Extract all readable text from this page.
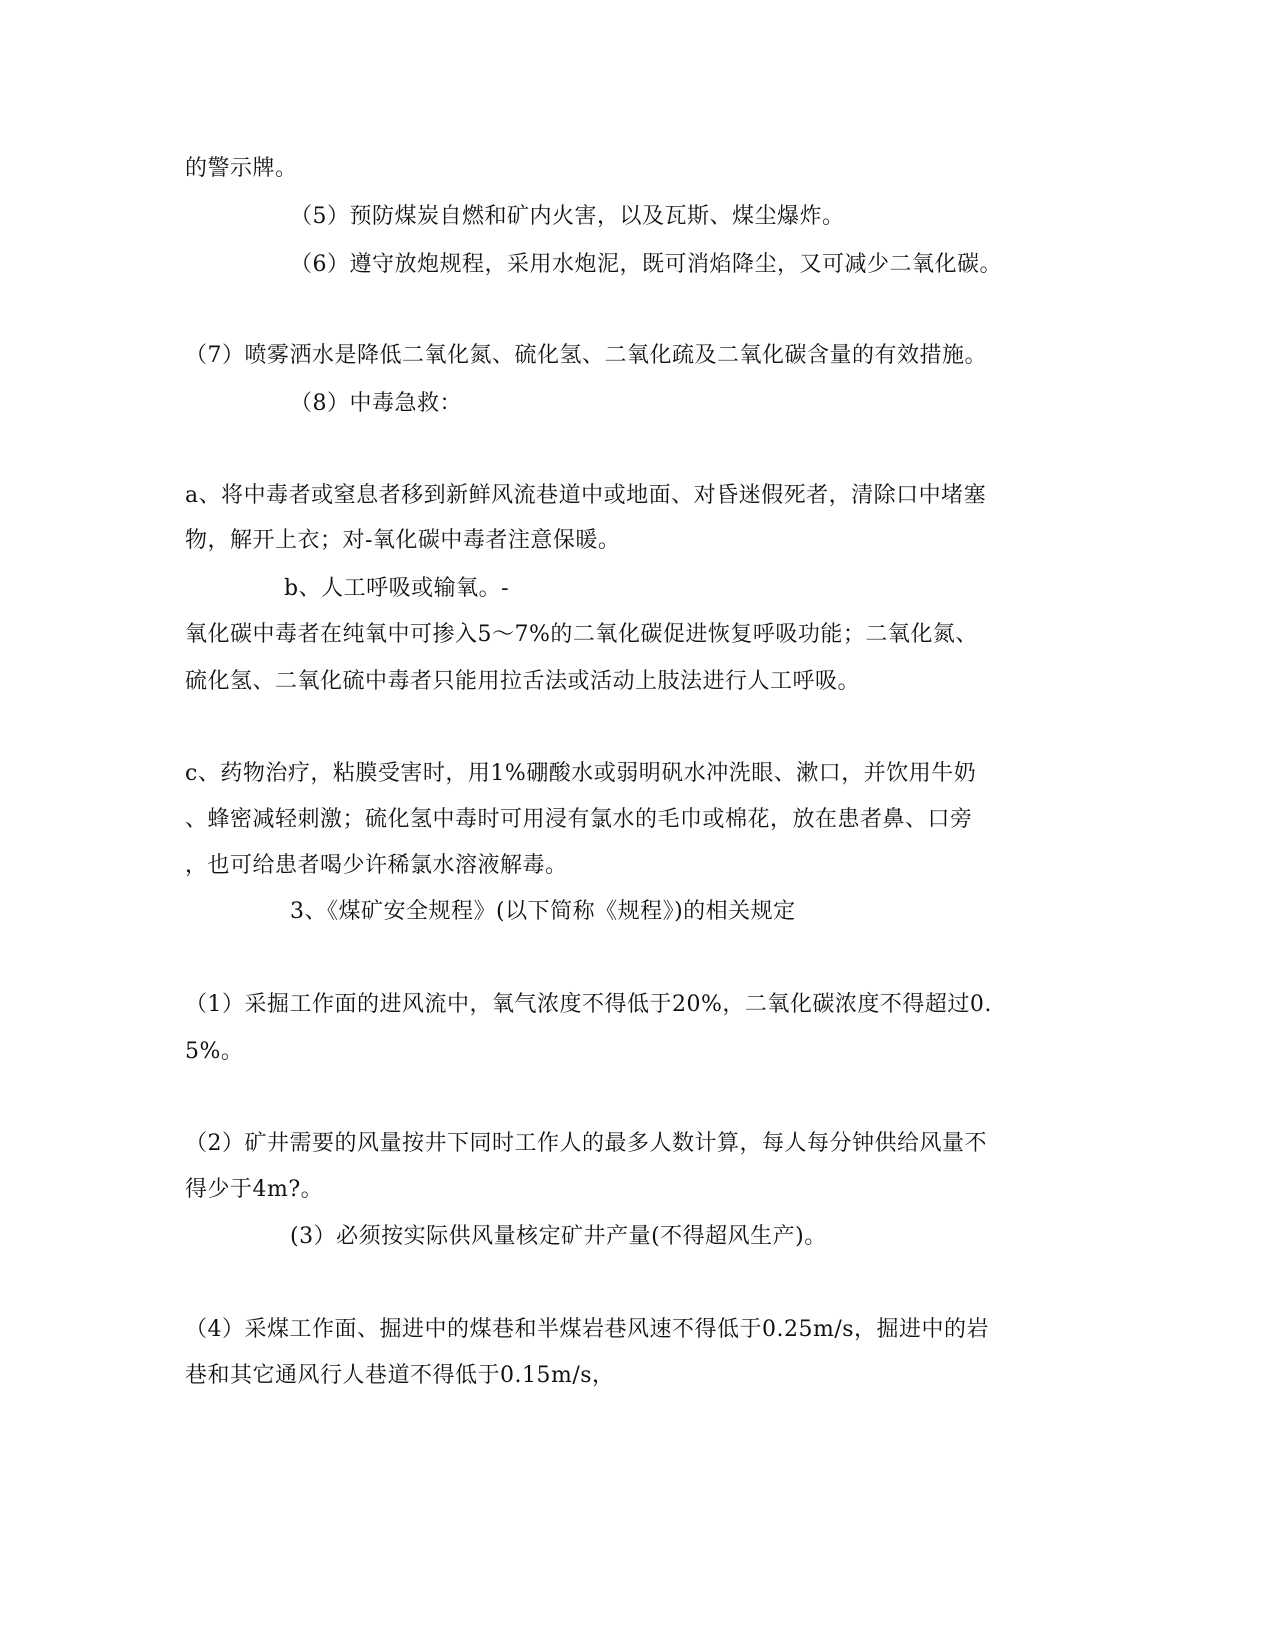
的警示牌。
（5）预防煤炭自燃和矿内火害，以及瓦斯、煤尘爆炸。
（6）遵守放炮规程，采用水炮泥，既可消焰降尘，又可减少二氧化碳。
（7）喷雾洒水是降低二氧化氮、硫化氢、二氧化疏及二氧化碳含量的有效措施。
（8）中毒急救：
a、将中毒者或窒息者移到新鲜风流巷道中或地面、对昏迷假死者，清除口中堵塞
物，解开上衣；对-氧化碳中毒者注意保暖。
b、人工呼吸或输氧。-
氧化碳中毒者在纯氧中可掺入5～7%的二氧化碳促进恢复呼吸功能；二氧化氮、
硫化氢、二氧化硫中毒者只能用拉舌法或活动上肢法进行人工呼吸。
c、药物治疗，粘膜受害时，用1%硼酸水或弱明矾水冲洗眼、漱口，并饮用牛奶
、蜂密减轻刺激；硫化氢中毒时可用浸有氯水的毛巾或棉花，放在患者鼻、口旁
，也可给患者喝少许稀氯水溶液解毒。
3、《煤矿安全规程》(以下简称《规程》)的相关规定
（1）采掘工作面的进风流中，氧气浓度不得低于20%，二氧化碳浓度不得超过0.
5%。
（2）矿井需要的风量按井下同时工作人的最多人数计算，每人每分钟供给风量不
得少于4m?。
(3）必须按实际供风量核定矿井产量(不得超风生产)。
（4）采煤工作面、掘进中的煤巷和半煤岩巷风速不得低于0.25m/s，掘进中的岩
巷和其它通风行人巷道不得低于0.15m/s，
